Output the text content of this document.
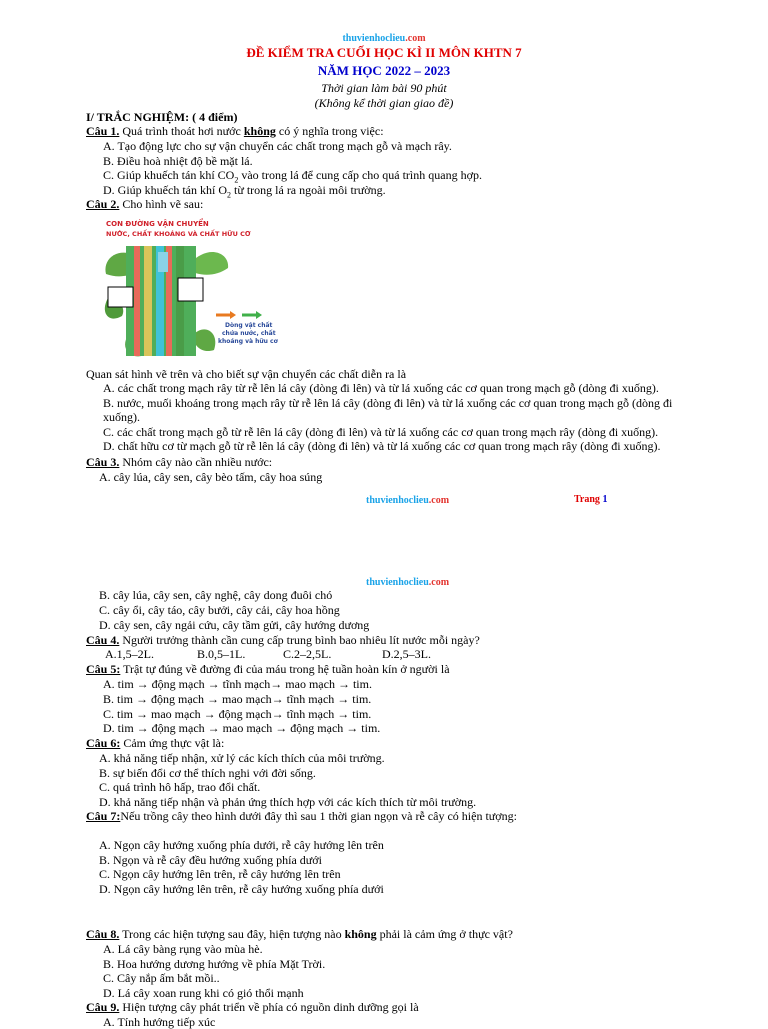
thuvienhoclieu.com
ĐỀ KIỂM TRA CUỐI HỌC KÌ II MÔN KHTN 7
NĂM HỌC 2022 – 2023
Thời gian làm bài 90 phút
(Không kể thời gian giao đề)
I/ TRẮC NGHIỆM: ( 4 điểm)
Câu 1. Quá trình thoát hơi nước không có ý nghĩa trong việc:
A. Tạo động lực cho sự vận chuyển các chất trong mạch gỗ và mạch rây.
B. Điều hoà nhiệt độ bề mặt lá.
C. Giúp khuếch tán khí $CO_2$ vào trong lá để cung cấp cho quá trình quang hợp.
D. Giúp khuếch tán khí $O_2$ từ trong lá ra ngoài môi trường.
Câu 2. Cho hình vẽ sau:
CON ĐƯỜNG VẬN CHUYỂN
NƯỚC, CHẤT KHOÁNG VÀ CHẤT HỮU CƠ
Dòng vật chất
chứa nước, chất
khoáng và hữu cơ
Quan sát hình vẽ trên và cho biết sự vận chuyển các chất diễn ra là
A. các chất trong mạch rây từ rễ lên lá cây (dòng đi lên) và từ lá xuống các cơ quan trong mạch gỗ (dòng đi xuống).
B. nước, muối khoáng trong mạch rây từ rễ lên lá cây (dòng đi lên) và từ lá xuống các cơ quan trong mạch gỗ (dòng đi
xuống).
C. các chất trong mạch gỗ từ rễ lên lá cây (dòng đi lên) và từ lá xuống các cơ quan trong mạch rây (dòng đi xuống).
D. chất hữu cơ từ mạch gỗ từ rễ lên lá cây (dòng đi lên) và từ lá xuống các cơ quan trong mạch rây (dòng đi xuống).
Câu 3. Nhóm cây nào cần nhiều nước:
A. cây lúa, cây sen, cây bèo tấm, cây hoa súng
thuvienhoclieu.com	Trang 1
thuvienhoclieu.com
B. cây lúa, cây sen, cây nghệ, cây dong đuôi chó
C. cây ổi, cây táo, cây bưởi, cây cải, cây hoa hồng
D. cây sen, cây ngải cứu, cây tầm gửi, cây hướng dương
Câu 4. Người trưởng thành cần cung cấp trung bình bao nhiêu lít nước mỗi ngày?
A.1,5–2L.	B.0,5–1L.	C.2–2,5L.	D.2,5–3L.
Câu 5: Trật tự đúng về đường đi của máu trong hệ tuần hoàn kín ở người là
A. tim → động mạch → tĩnh mạch→ mao mạch → tim.
B. tim → động mạch → mao mạch→ tĩnh mạch → tim.
C. tim → mao mạch → động mạch→ tĩnh mạch → tim.
D. tim → động mạch → mao mạch → động mạch → tim.
Câu 6: Cảm ứng thực vật là:
A. khả năng tiếp nhận, xử lý các kích thích của môi trường.
B. sự biến đổi cơ thể thích nghi với đời sống.
C. quá trình hô hấp, trao đổi chất.
D. khả năng tiếp nhận và phản ứng thích hợp với các kích thích từ môi trường.
Câu 7:Nếu trồng cây theo hình dưới đây thì sau 1 thời gian ngọn và rễ cây có hiện tượng:
A. Ngọn cây hướng xuống phía dưới, rễ cây hướng lên trên
B. Ngọn và rễ cây đều hướng xuống phía dưới
C. Ngọn cây hướng lên trên, rễ cây hướng lên trên
D. Ngọn cây hướng lên trên, rễ cây hướng xuống phía dưới
Câu 8. Trong các hiện tượng sau đây, hiện tượng nào không phải là cảm ứng ở thực vật?
A. Lá cây bàng rụng vào mùa hè.
B. Hoa hướng dương hướng về phía Mặt Trời.
C. Cây nắp ấm bắt mồi..
D. Lá cây xoan rung khi có gió thổi mạnh
Câu 9. Hiện tượng cây phát triển về phía có nguồn dinh dưỡng gọi là
A. Tính hướng tiếp xúc
